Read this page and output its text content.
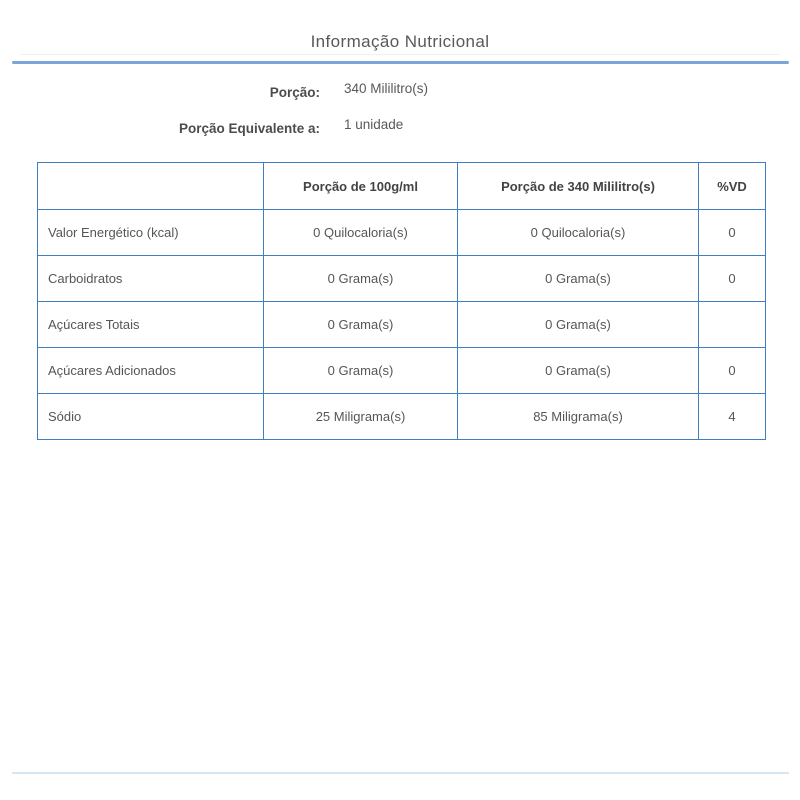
Informação Nutricional
Porção: 340 Mililitro(s)
Porção Equivalente a: 1 unidade
	Porção de 100g/ml	Porção de 340 Mililitro(s)	%VD
Valor Energético (kcal)	0 Quilocaloria(s)	0 Quilocaloria(s)	0
Carboidratos	0 Grama(s)	0 Grama(s)	0
Açúcares Totais	0 Grama(s)	0 Grama(s)	
Açúcares Adicionados	0 Grama(s)	0 Grama(s)	0
Sódio	25 Miligrama(s)	85 Miligrama(s)	4
